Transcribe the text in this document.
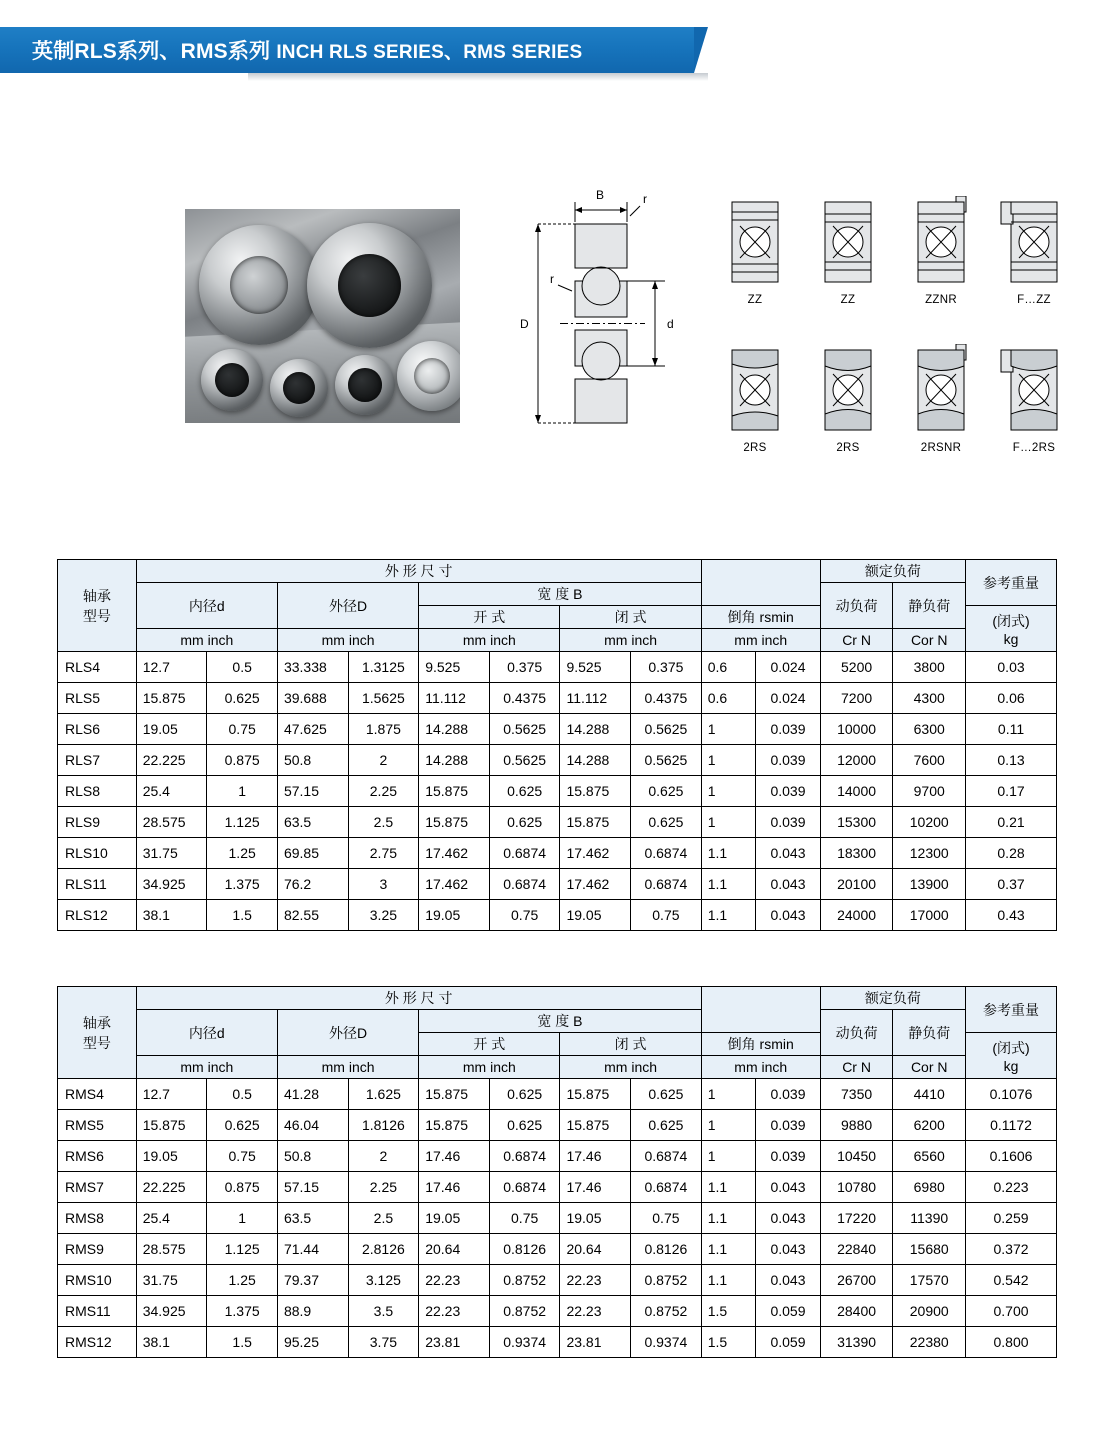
英制RLS系列、RMS系列 INCH RLS SERIES、RMS SERIES
B	r
r
D	d
ZZ	ZZ	ZZNR	F…ZZ
2RS	2RS	2RSNR	F…2RS
轴承
型号	外 形 尺 寸										额定负荷		参考重量
	内径d		外径D		宽 度 B						动负荷	静负荷	
					开 式		闭 式		倒角 rsmin				(闭式)
kg

	mm inch		mm inch		mm inch		mm inch		mm inch		Cr N	Cor N	
RLS4	12.7	0.5	33.338	1.3125	9.525	0.375	9.525	0.375	0.6	0.024	5200	3800	0.03
RLS5	15.875	0.625	39.688	1.5625	11.112	0.4375	11.112	0.4375	0.6	0.024	7200	4300	0.06
RLS6	19.05	0.75	47.625	1.875	14.288	0.5625	14.288	0.5625	1	0.039	10000	6300	0.11
RLS7	22.225	0.875	50.8	2	14.288	0.5625	14.288	0.5625	1	0.039	12000	7600	0.13
RLS8	25.4	1	57.15	2.25	15.875	0.625	15.875	0.625	1	0.039	14000	9700	0.17
RLS9	28.575	1.125	63.5	2.5	15.875	0.625	15.875	0.625	1	0.039	15300	10200	0.21
RLS10	31.75	1.25	69.85	2.75	17.462	0.6874	17.462	0.6874	1.1	0.043	18300	12300	0.28
RLS11	34.925	1.375	76.2	3	17.462	0.6874	17.462	0.6874	1.1	0.043	20100	13900	0.37
RLS12	38.1	1.5	82.55	3.25	19.05	0.75	19.05	0.75	1.1	0.043	24000	17000	0.43
轴承
型号	外 形 尺 寸										额定负荷		参考重量
	内径d		外径D		宽 度 B						动负荷	静负荷	
					开 式		闭 式		倒角 rsmin				(闭式)
kg

	mm inch		mm inch		mm inch		mm inch		mm inch		Cr N	Cor N	
RMS4	12.7	0.5	41.28	1.625	15.875	0.625	15.875	0.625	1	0.039	7350	4410	0.1076
RMS5	15.875	0.625	46.04	1.8126	15.875	0.625	15.875	0.625	1	0.039	9880	6200	0.1172
RMS6	19.05	0.75	50.8	2	17.46	0.6874	17.46	0.6874	1	0.039	10450	6560	0.1606
RMS7	22.225	0.875	57.15	2.25	17.46	0.6874	17.46	0.6874	1.1	0.043	10780	6980	0.223
RMS8	25.4	1	63.5	2.5	19.05	0.75	19.05	0.75	1.1	0.043	17220	11390	0.259
RMS9	28.575	1.125	71.44	2.8126	20.64	0.8126	20.64	0.8126	1.1	0.043	22840	15680	0.372
RMS10	31.75	1.25	79.37	3.125	22.23	0.8752	22.23	0.8752	1.1	0.043	26700	17570	0.542
RMS11	34.925	1.375	88.9	3.5	22.23	0.8752	22.23	0.8752	1.5	0.059	28400	20900	0.700
RMS12	38.1	1.5	95.25	3.75	23.81	0.9374	23.81	0.9374	1.5	0.059	31390	22380	0.800
